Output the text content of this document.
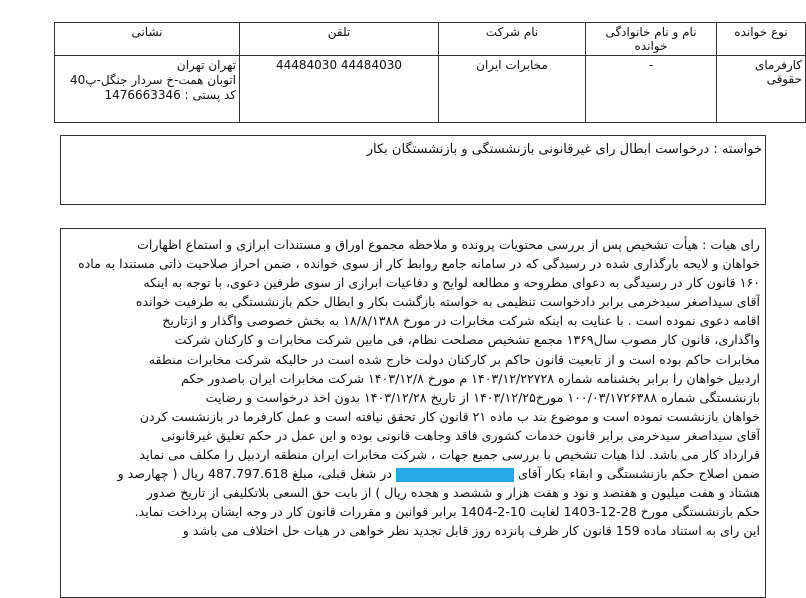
نوع خوانده	نام و نام خانوادگی خوانده	نام شرکت	تلفن	نشانی
کارفرمای حقوقی	-	مخابرات ایران	44484030 44484030	تهران تهران
اتوبان همت-خ سردار جنگل-پ40
کد پستی : 1476663346
خواسته : درخواست ابطال رای غیرقانونی بازنشستگی و بازنشستگان بکار
رای هیات : هیأت تشخیص پس از بررسی محتویات پرونده و ملاحظه مجموع اوراق و مستندات ابرازی و استماع اظهارات
خواهان و لایحه بارگذاری شده در رسیدگی که در سامانه جامع روابط کار از سوی خوانده ، ضمن احراز صلاحیت ذاتی مستندا به ماده
۱۶۰ قانون کار در رسیدگی به دعوای مطروحه و مطالعه لوایح و دفاعیات ابرازی از سوی طرفین دعوی، با توجه به اینکه
آقای سیداصغر سیدخرمی برابر دادخواست تنظیمی به خواسته بازگشت بکار و ابطال حکم بازنشستگی به طرفیت خوانده
اقامه دعوی نموده است . با عنایت به اینکه شرکت مخابرات در مورخ ۱۸/۸/۱۳۸۸ به بخش خصوصی واگذار و ازتاریخ
واگذاری، قانون کار مصوب سال۱۳۶۹ مجمع تشخیص مصلحت نظام، فی مابین شرکت مخابرات و کارکنان شرکت
مخابرات حاکم بوده است و از تابعیت قانون حاکم بر کارکنان دولت خارج شده است در حالیکه شرکت مخابرات منطقه
اردبیل خواهان را برابر بخشنامه شماره ۱۴۰۳/۱۲/۲۲۷۲۸ م مورخ ۱۴۰۳/۱۲/۸ شرکت مخابرات ایران باصدور حکم
بازنشستگی شماره ۱۰۰/۰۳/۱۷۲۶۳۸۸ مورخ۱۴۰۳/۱۲/۲۵ از تاریخ ۱۴۰۳/۱۲/۲۸ بدون اخذ درخواست و رضایت
خواهان بازنشست نموده است و موضوع بند ب ماده ۲۱ قانون کار تحقق نیافته است و عمل کارفرما در بازنشست کردن
آقای سیداصغر سیدخرمی برابر قانون خدمات کشوری فاقد وجاهت قانونی بوده و این عمل در حکم تعلیق غیرقانونی
قرارداد کار می باشد. لذا هیات تشخیص با بررسی جمیع جهات ، شرکت مخابرات ایران منطقه اردبیل را مکلف می نماید
ضمن اصلاح حکم بازنشستگی و ابقاء بکار آقای  در شغل قبلی، مبلغ 487.797.618 ریال ( چهارصد و
هشتاد و هفت میلیون و هفتصد و نود و هفت هزار و ششصد و هجده ریال ) از بابت حق السعی بلاتکلیفی از تاریخ صدور
حکم بازنشستگی مورخ 28-12-1403 لغایت 10-2-1404 برابر قوانین و مقررات قانون کار در وجه ایشان پرداخت نماید.
این رای به استناد ماده 159 قانون کار ظرف پانزده روز قابل تجدید نظر خواهی در هیات حل اختلاف می باشد و
